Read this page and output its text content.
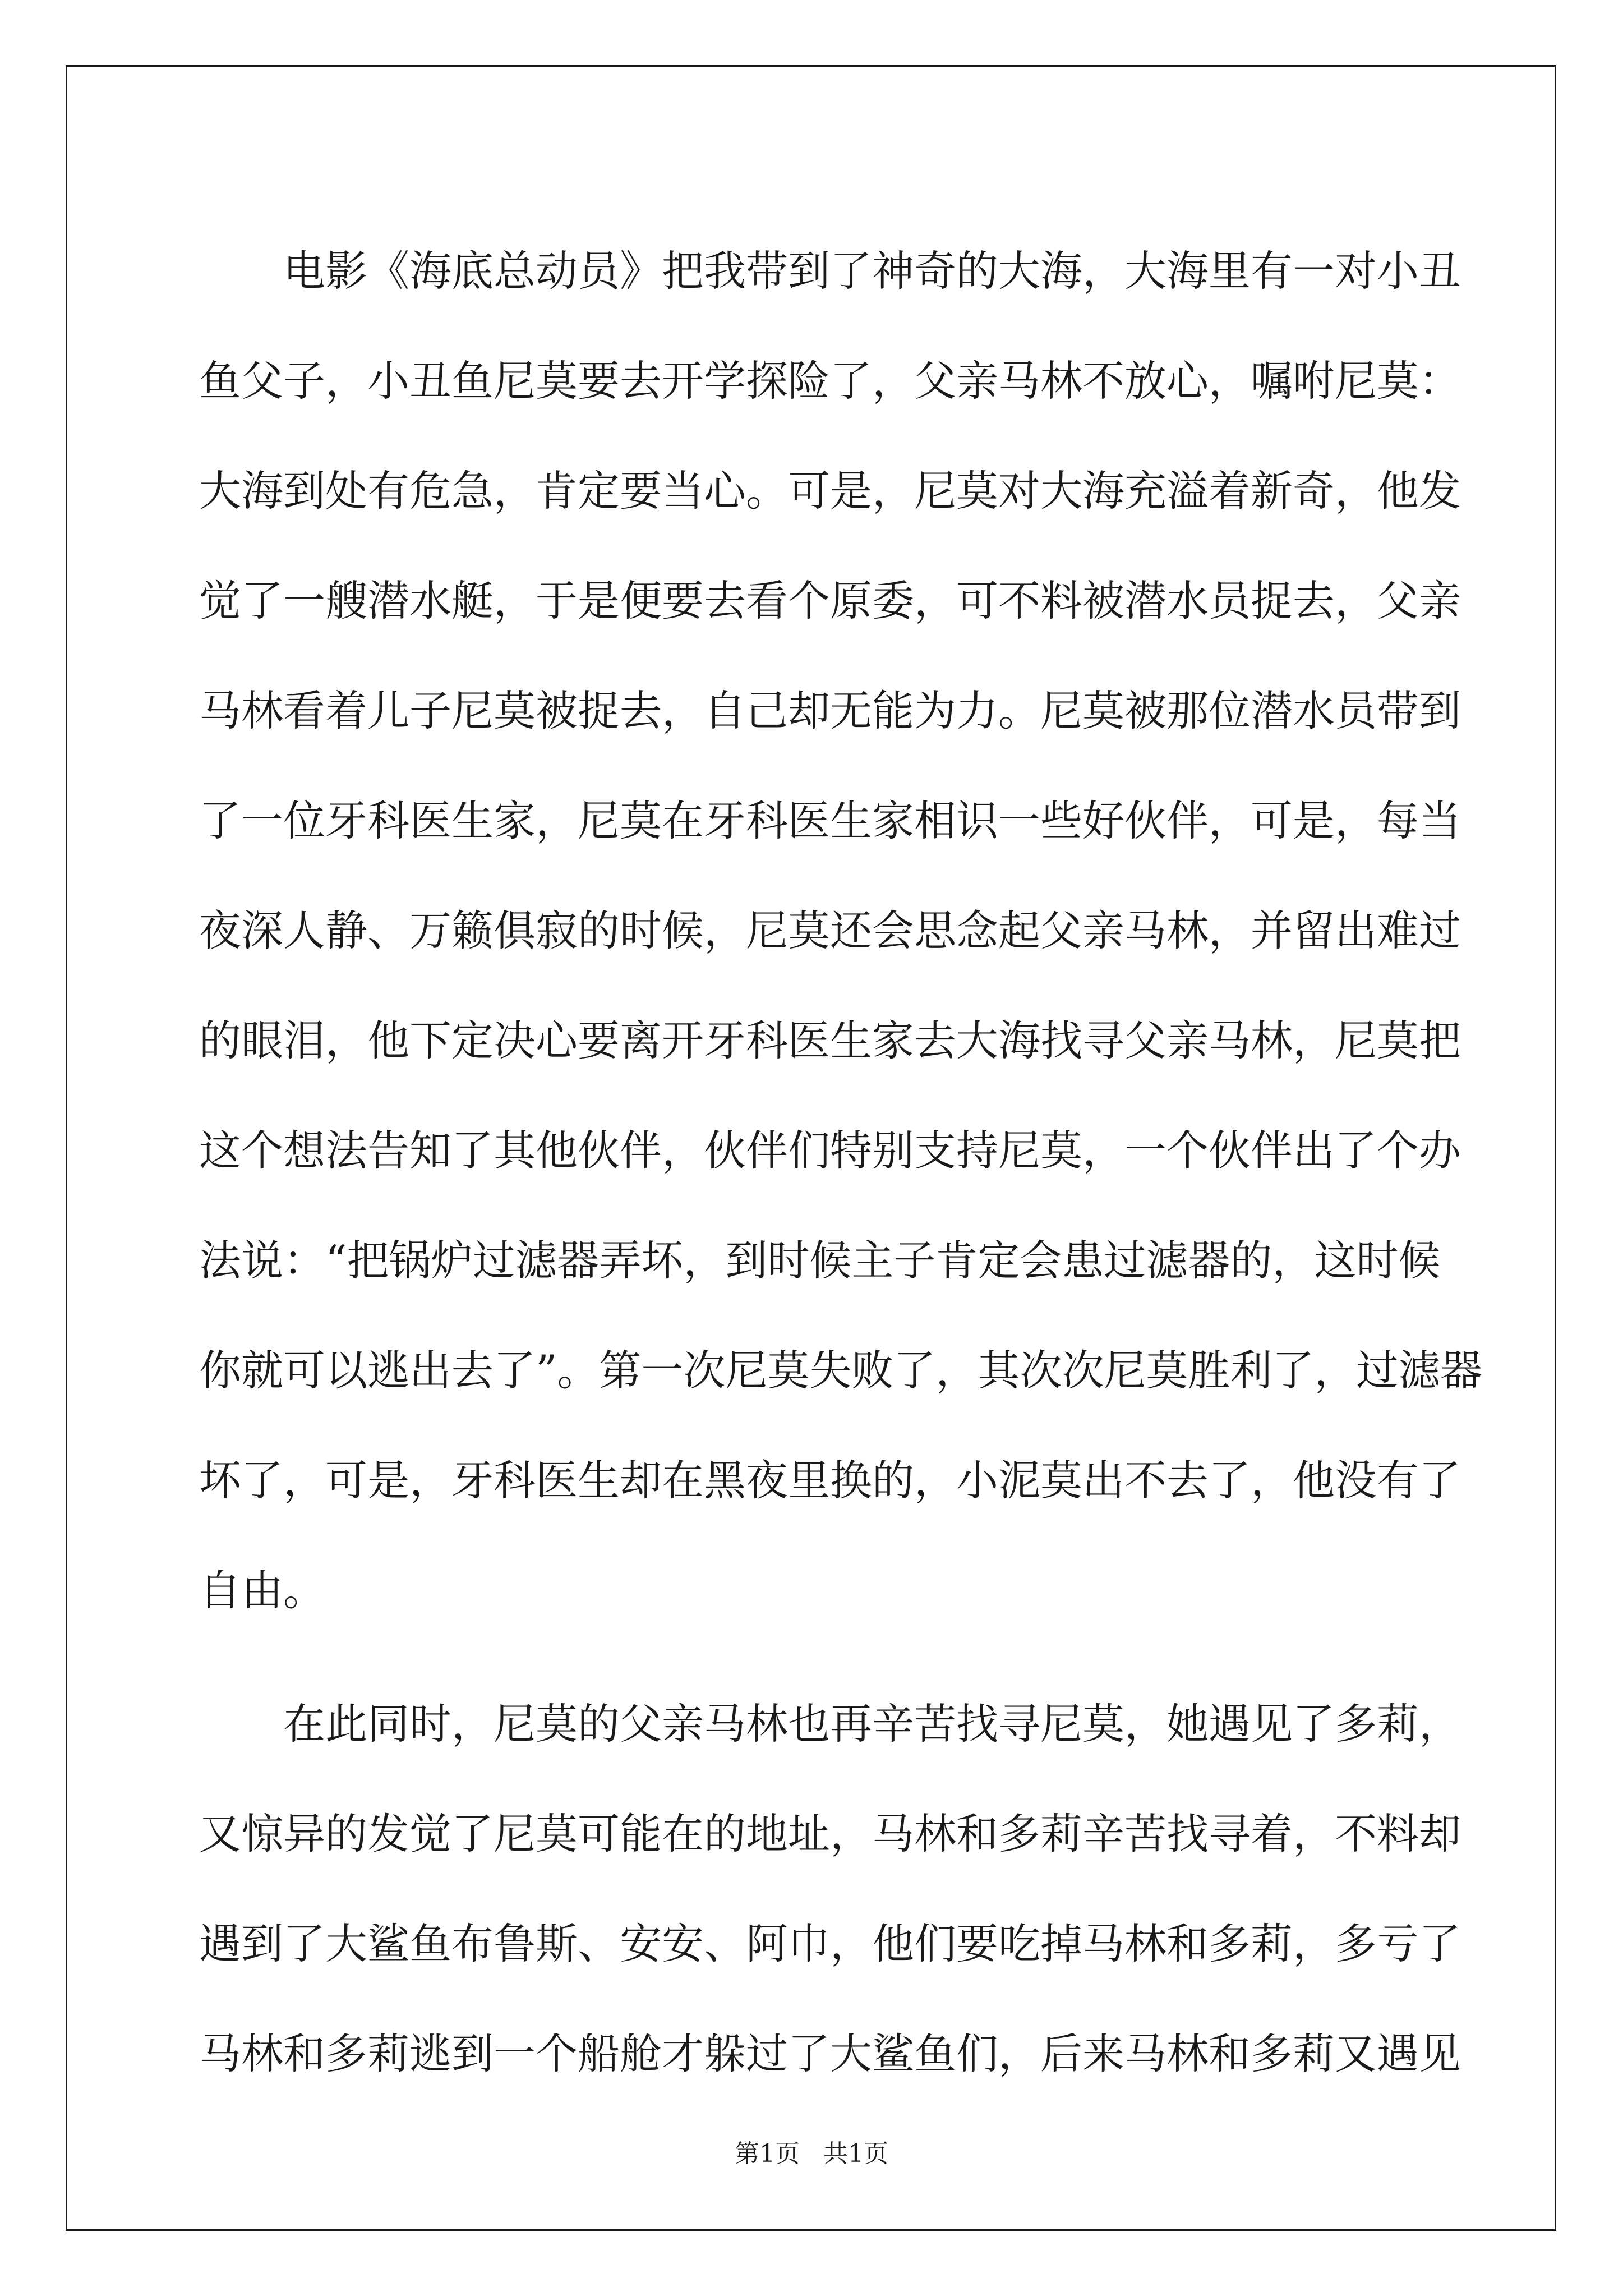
电影《海底总动员》把我带到了神奇的大海，大海里有一对小丑
鱼父子，小丑鱼尼莫要去开学探险了，父亲马林不放心，嘱咐尼莫：
大海到处有危急，肯定要当心。可是，尼莫对大海充溢着新奇，他发
觉了一艘潜水艇，于是便要去看个原委，可不料被潜水员捉去，父亲
马林看着儿子尼莫被捉去，自己却无能为力。尼莫被那位潜水员带到
了一位牙科医生家，尼莫在牙科医生家相识一些好伙伴，可是，每当
夜深人静、万籁俱寂的时候，尼莫还会思念起父亲马林，并留出难过
的眼泪，他下定决心要离开牙科医生家去大海找寻父亲马林，尼莫把
这个想法告知了其他伙伴，伙伴们特别支持尼莫，一个伙伴出了个办
法说：“把锅炉过滤器弄坏，到时候主子肯定会患过滤器的，这时候
你就可以逃出去了”。第一次尼莫失败了，其次次尼莫胜利了，过滤器
坏了，可是，牙科医生却在黑夜里换的，小泥莫出不去了，他没有了
自由。
在此同时，尼莫的父亲马林也再辛苦找寻尼莫，她遇见了多莉，
又惊异的发觉了尼莫可能在的地址，马林和多莉辛苦找寻着，不料却
遇到了大鲨鱼布鲁斯、安安、阿巾，他们要吃掉马林和多莉，多亏了
马林和多莉逃到一个船舱才躲过了大鲨鱼们，后来马林和多莉又遇见
第1页 共1页
